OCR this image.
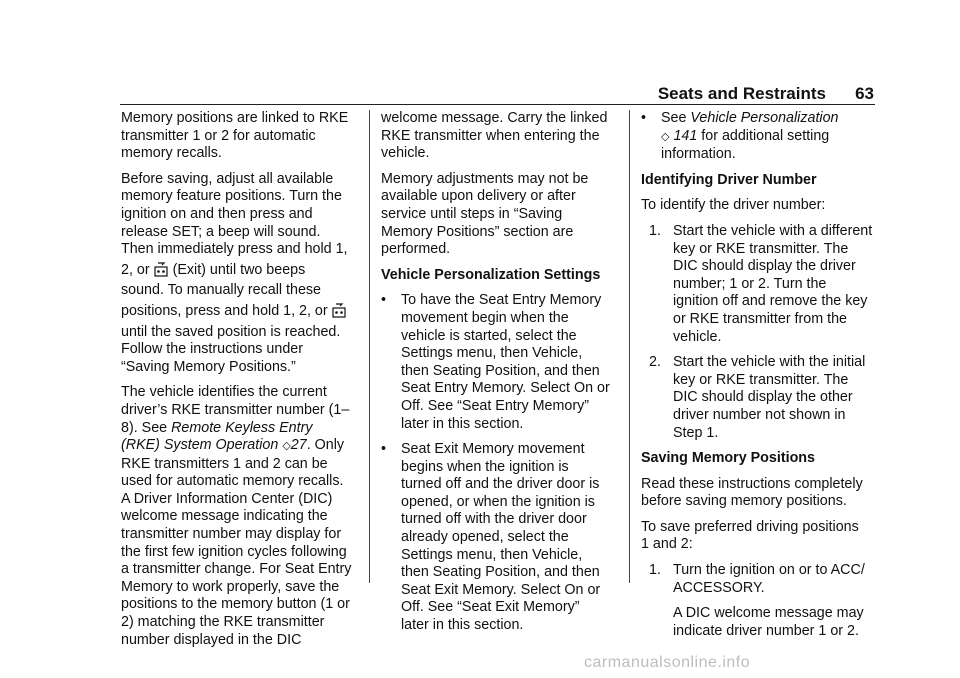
Seats and Restraints	63

Memory positions are linked to RKE
transmitter 1 or 2 for automatic
memory recalls.

Before saving, adjust all available
memory feature positions. Turn the
ignition on and then press and
release SET; a beep will sound.
Then immediately press and hold 1,
2, or  (Exit) until two beeps
sound. To manually recall these
positions, press and hold 1, 2, or
until the saved position is reached.
Follow the instructions under
“Saving Memory Positions.”

The vehicle identifies the current
driver’s RKE transmitter number (1–
8). See Remote Keyless Entry
(RKE) System Operation ◇27. Only
RKE transmitters 1 and 2 can be
used for automatic memory recalls.
A Driver Information Center (DIC)
welcome message indicating the
transmitter number may display for
the first few ignition cycles following
a transmitter change. For Seat Entry
Memory to work properly, save the
positions to the memory button (1 or
2) matching the RKE transmitter
number displayed in the DIC

welcome message. Carry the linked
RKE transmitter when entering the
vehicle.

Memory adjustments may not be
available upon delivery or after
service until steps in “Saving
Memory Positions” section are
performed.

Vehicle Personalization Settings

• To have the Seat Entry Memory
movement begin when the
vehicle is started, select the
Settings menu, then Vehicle,
then Seating Position, and then
Seat Entry Memory. Select On or
Off. See “Seat Entry Memory”
later in this section.
• Seat Exit Memory movement
begins when the ignition is
turned off and the driver door is
opened, or when the ignition is
turned off with the driver door
already opened, select the
Settings menu, then Vehicle,
then Seating Position, and then
Seat Exit Memory. Select On or
Off. See “Seat Exit Memory”
later in this section.
• See Vehicle Personalization
◇ 141 for additional setting
information.

Identifying Driver Number

To identify the driver number:

1. Start the vehicle with a different
key or RKE transmitter. The
DIC should display the driver
number; 1 or 2. Turn the
ignition off and remove the key
or RKE transmitter from the
vehicle.
2. Start the vehicle with the initial
key or RKE transmitter. The
DIC should display the other
driver number not shown in
Step 1.

Saving Memory Positions

Read these instructions completely
before saving memory positions.

To save preferred driving positions
1 and 2:

1. Turn the ignition on or to ACC/
ACCESSORY.
A DIC welcome message may
indicate driver number 1 or 2.
carmanualsonline.info
